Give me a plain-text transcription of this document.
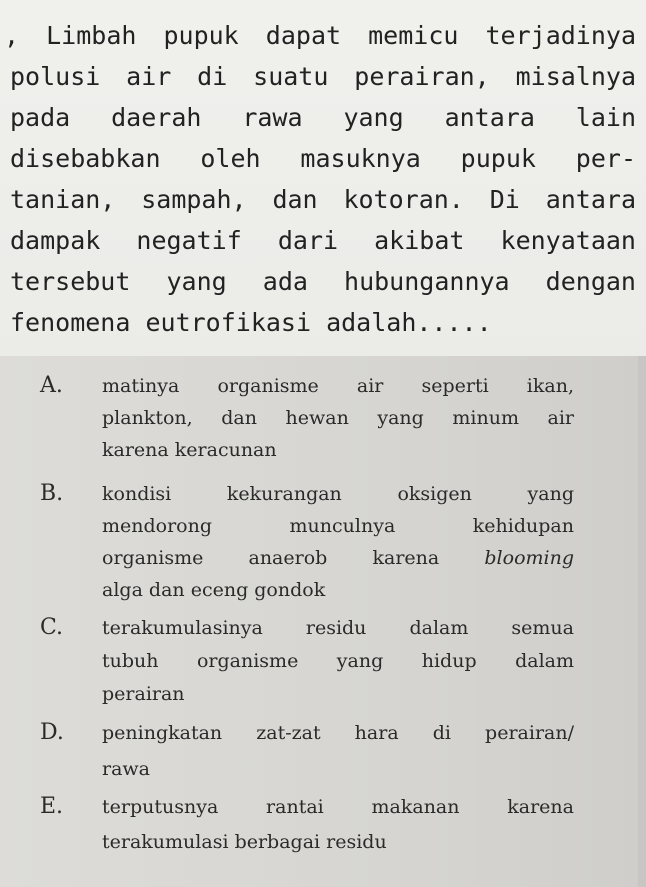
, Limbah pupuk dapat memicu terjadinya
polusi air di suatu perairan, misalnya
pada daerah rawa yang antara lain
disebabkan oleh masuknya pupuk per-
tanian, sampah, dan kotoran. Di antara
dampak negatif dari akibat kenyataan
tersebut yang ada hubungannya dengan
fenomena eutrofikasi adalah.....
A. matinya organisme air seperti ikan,
plankton, dan hewan yang minum air
karena keracunan
B. kondisi kekurangan oksigen yang
mendorong munculnya kehidupan
organisme anaerob karena blooming
alga dan eceng gondok
C. terakumulasinya residu dalam semua
tubuh organisme yang hidup dalam
perairan
D. peningkatan zat-zat hara di perairan/
rawa
E. terputusnya rantai makanan karena
terakumulasi berbagai residu
